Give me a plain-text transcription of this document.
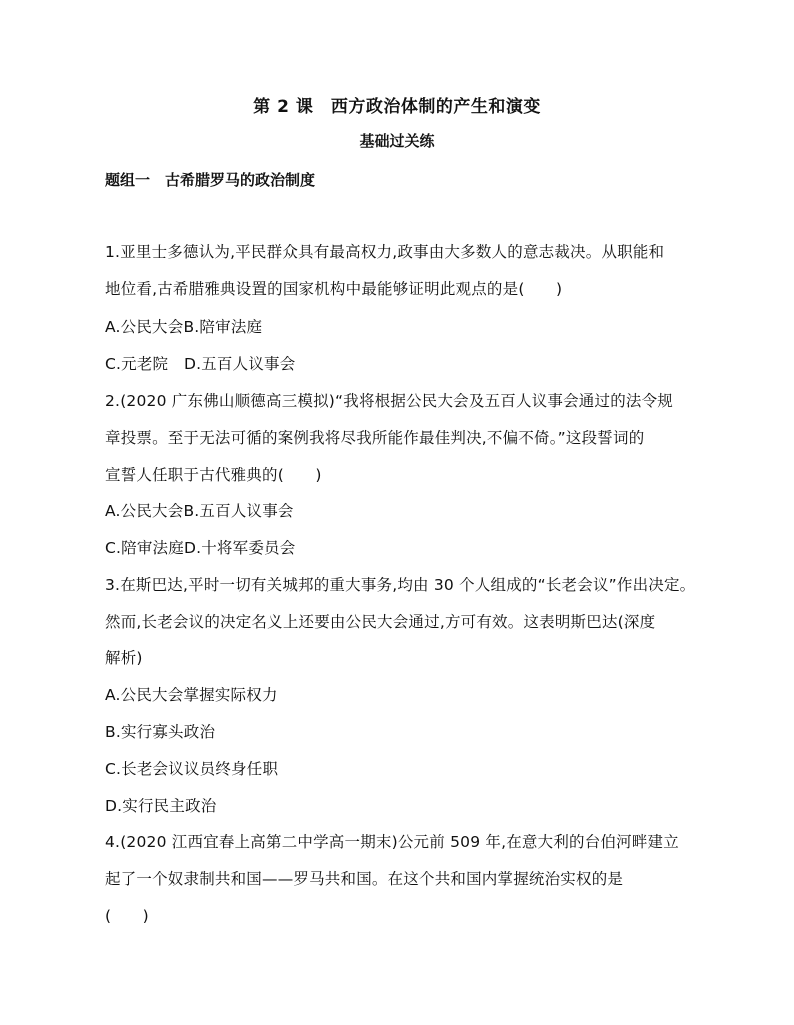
第 2 课　西方政治体制的产生和演变
基础过关练
题组一　古希腊罗马的政治制度
1.亚里士多德认为,平民群众具有最高权力,政事由大多数人的意志裁决。从职能和
地位看,古希腊雅典设置的国家机构中最能够证明此观点的是(　　)
A.公民大会B.陪审法庭
C.元老院　D.五百人议事会
2.(2020 广东佛山顺德高三模拟)“我将根据公民大会及五百人议事会通过的法令规
章投票。至于无法可循的案例我将尽我所能作最佳判决,不偏不倚。”这段誓词的
宣誓人任职于古代雅典的(　　)
A.公民大会B.五百人议事会
C.陪审法庭D.十将军委员会
3.在斯巴达,平时一切有关城邦的重大事务,均由 30 个人组成的“长老会议”作出决定。
然而,长老会议的决定名义上还要由公民大会通过,方可有效。这表明斯巴达(深度
解析)
A.公民大会掌握实际权力
B.实行寡头政治
C.长老会议议员终身任职
D.实行民主政治
4.(2020 江西宜春上高第二中学高一期末)公元前 509 年,在意大利的台伯河畔建立
起了一个奴隶制共和国——罗马共和国。在这个共和国内掌握统治实权的是
(　　)
